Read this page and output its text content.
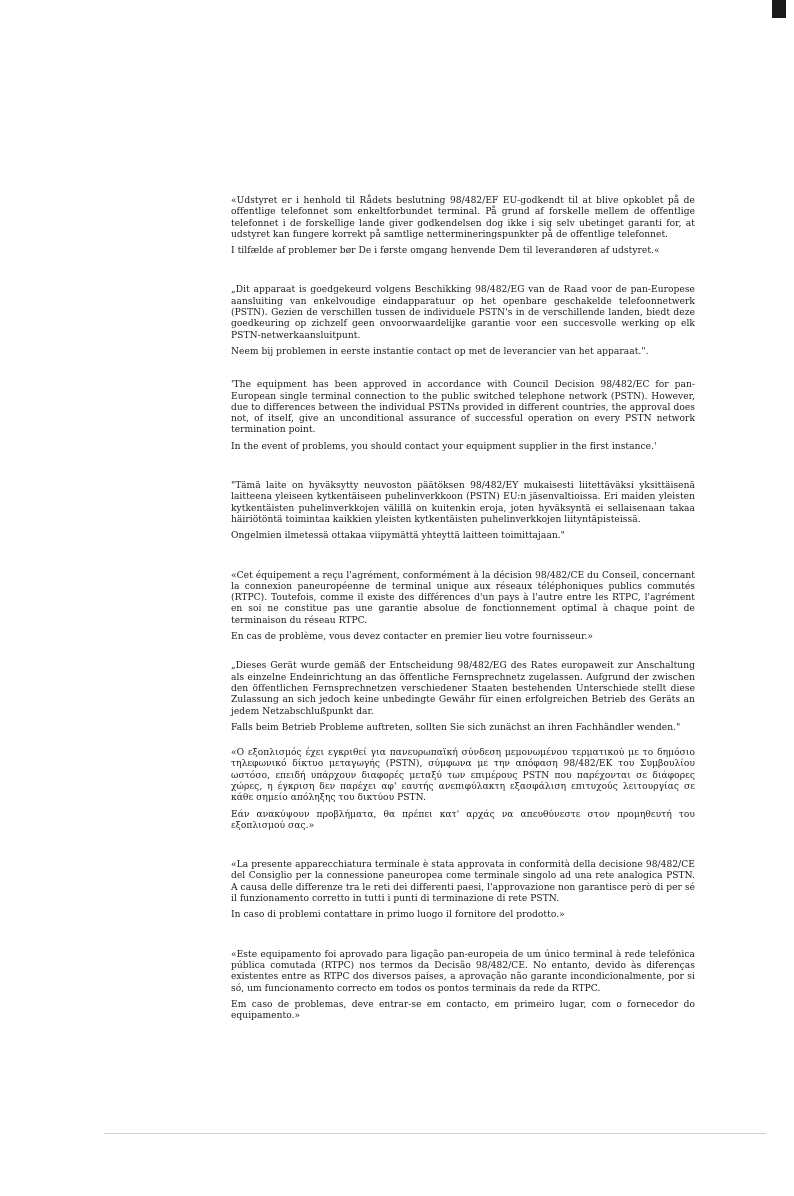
«Udstyret er i henhold til Rådets beslutning 98/482/EF EU-godkendt til at blive opkoblet på de offentlige telefonnet som enkeltforbundet terminal. På grund af forskelle mellem de offentlige telefonnet i de forskellige lande giver godkendelsen dog ikke i sig selv ubetinget garanti for, at udstyret kan fungere korrekt på samtlige nettermineringspunkter på de offentlige telefonnet.

I tilfælde af problemer bør De i første omgang henvende Dem til leverandøren af udstyret.«

„Dit apparaat is goedgekeurd volgens Beschikking 98/482/EG van de Raad voor de pan-Europese aansluiting van enkelvoudige eindapparatuur op het openbare geschakelde telefoonnetwerk (PSTN). Gezien de verschillen tussen de individuele PSTN's in de verschillende landen, biedt deze goedkeuring op zichzelf geen onvoorwaardelijke garantie voor een succesvolle werking op elk PSTN-netwerkaansluitpunt.

Neem bij problemen in eerste instantie contact op met de leverancier van het apparaat.".

'The equipment has been approved in accordance with Council Decision 98/482/EC for pan-European single terminal connection to the public switched telephone network (PSTN). However, due to differences between the individual PSTNs provided in different countries, the approval does not, of itself, give an unconditional assurance of successful operation on every PSTN network termination point.

In the event of problems, you should contact your equipment supplier in the first instance.'

"Tämä laite on hyväksytty neuvoston päätöksen 98/482/EY mukaisesti liitettäväksi yksittäisenä laitteena yleiseen kytkentäiseen puhelinverkkoon (PSTN) EU:n jäsenvaltioissa. Eri maiden yleisten kytkentäisten puhelinverkkojen välillä on kuitenkin eroja, joten hyväksyntä ei sellaisenaan takaa häiriötöntä toimintaa kaikkien yleisten kytkentäisten puhelinverkkojen liityntäpisteissä.

Ongelmien ilmetessä ottakaa viipymättä yhteyttä laitteen toimittajaan."

«Cet équipement a reçu l'agrément, conformément à la décision 98/482/CE du Conseil, concernant la connexion paneuropéenne de terminal unique aux réseaux téléphoniques publics commutés (RTPC). Toutefois, comme il existe des différences d'un pays à l'autre entre les RTPC, l'agrément en soi ne constitue pas une garantie absolue de fonctionnement optimal à chaque point de terminaison du réseau RTPC.

En cas de problème, vous devez contacter en premier lieu votre fournisseur.»

„Dieses Gerät wurde gemäß der Entscheidung 98/482/EG des Rates europaweit zur Anschaltung als einzelne Endeinrichtung an das öffentliche Fernsprechnetz zugelassen. Aufgrund der zwischen den öffentlichen Fernsprechnetzen verschiedener Staaten bestehenden Unterschiede stellt diese Zulassung an sich jedoch keine unbedingte Gewähr für einen erfolgreichen Betrieb des Geräts an jedem Netzabschlußpunkt dar.

Falls beim Betrieb Probleme auftreten, sollten Sie sich zunächst an ihren Fachhändler wenden."

«Ο εξοπλισμός έχει εγκριθεί για πανευρωπαϊκή σύνδεση μεμονωμένου τερματικού με το δημόσιο τηλεφωνικό δίκτυο μεταγωγής (PSTN), σύμφωνα με την απόφαση 98/482/ΕΚ του Συμβουλίου ωστόσο, επειδή υπάρχουν διαφορές μεταξύ των επιμέρους PSTN που παρέχονται σε διάφορες χώρες, η έγκριση δεν παρέχει αφ' εαυτής ανεπιφύλακτη εξασφάλιση επιτυχούς λειτουργίας σε κάθε σημείο απόληξης του δικτύου PSTN.

Εάν ανακύψουν προβλήματα, θα πρέπει κατ' αρχάς να απευθύνεστε στον προμηθευτή του εξοπλισμού σας.»

«La presente apparecchiatura terminale è stata approvata in conformità della decisione 98/482/CE del Consiglio per la connessione paneuropea come terminale singolo ad una rete analogica PSTN. A causa delle differenze tra le reti dei differenti paesi, l'approvazione non garantisce però di per sé il funzionamento corretto in tutti i punti di terminazione di rete PSTN.

In caso di problemi contattare in primo luogo il fornitore del prodotto.»

«Este equipamento foi aprovado para ligação pan-europeia de um único terminal à rede telefónica pública comutada (RTPC) nos termos da Decisão 98/482/CE. No entanto, devido às diferenças existentes entre as RTPC dos diversos países, a aprovação não garante incondicionalmente, por si só, um funcionamento correcto em todos os pontos terminais da rede da RTPC.

Em caso de problemas, deve entrar-se em contacto, em primeiro lugar, com o fornecedor do equipamento.»
